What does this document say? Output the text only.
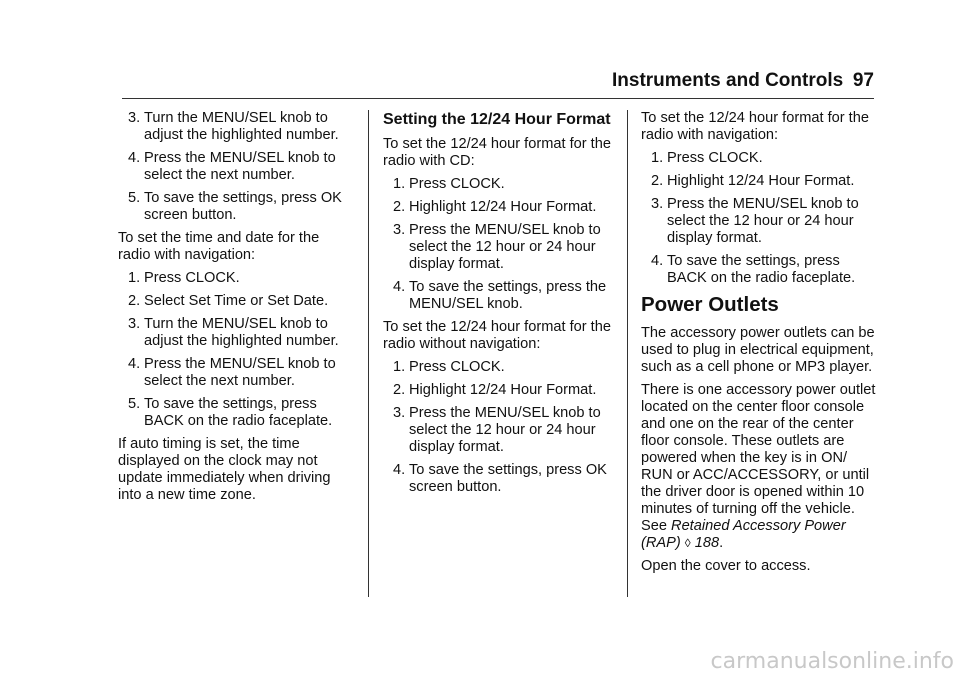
Instruments and Controls 97
3. Turn the MENU/SEL knob to adjust the highlighted number.
4. Press the MENU/SEL knob to select the next number.
5. To save the settings, press OK screen button.

To set the time and date for the radio with navigation:

1. Press CLOCK.
2. Select Set Time or Set Date.
3. Turn the MENU/SEL knob to adjust the highlighted number.
4. Press the MENU/SEL knob to select the next number.
5. To save the settings, press BACK on the radio faceplate.

If auto timing is set, the time displayed on the clock may not update immediately when driving into a new time zone.

Setting the 12/24 Hour Format

To set the 12/24 hour format for the radio with CD:

1. Press CLOCK.
2. Highlight 12/24 Hour Format.
3. Press the MENU/SEL knob to select the 12 hour or 24 hour display format.
4. To save the settings, press the MENU/SEL knob.

To set the 12/24 hour format for the radio without navigation:

1. Press CLOCK.
2. Highlight 12/24 Hour Format.
3. Press the MENU/SEL knob to select the 12 hour or 24 hour display format.
4. To save the settings, press OK screen button.

To set the 12/24 hour format for the radio with navigation:

1. Press CLOCK.
2. Highlight 12/24 Hour Format.
3. Press the MENU/SEL knob to select the 12 hour or 24 hour display format.
4. To save the settings, press BACK on the radio faceplate.
Power Outlets

The accessory power outlets can be used to plug in electrical equipment, such as a cell phone or MP3 player.

There is one accessory power outlet located on the center floor console and one on the rear of the center floor console. These outlets are powered when the key is in ON/ RUN or ACC/ACCESSORY, or until the driver door is opened within 10 minutes of turning off the vehicle. See Retained Accessory Power (RAP) ◊ 188.

Open the cover to access.

carmanualsonline.info
